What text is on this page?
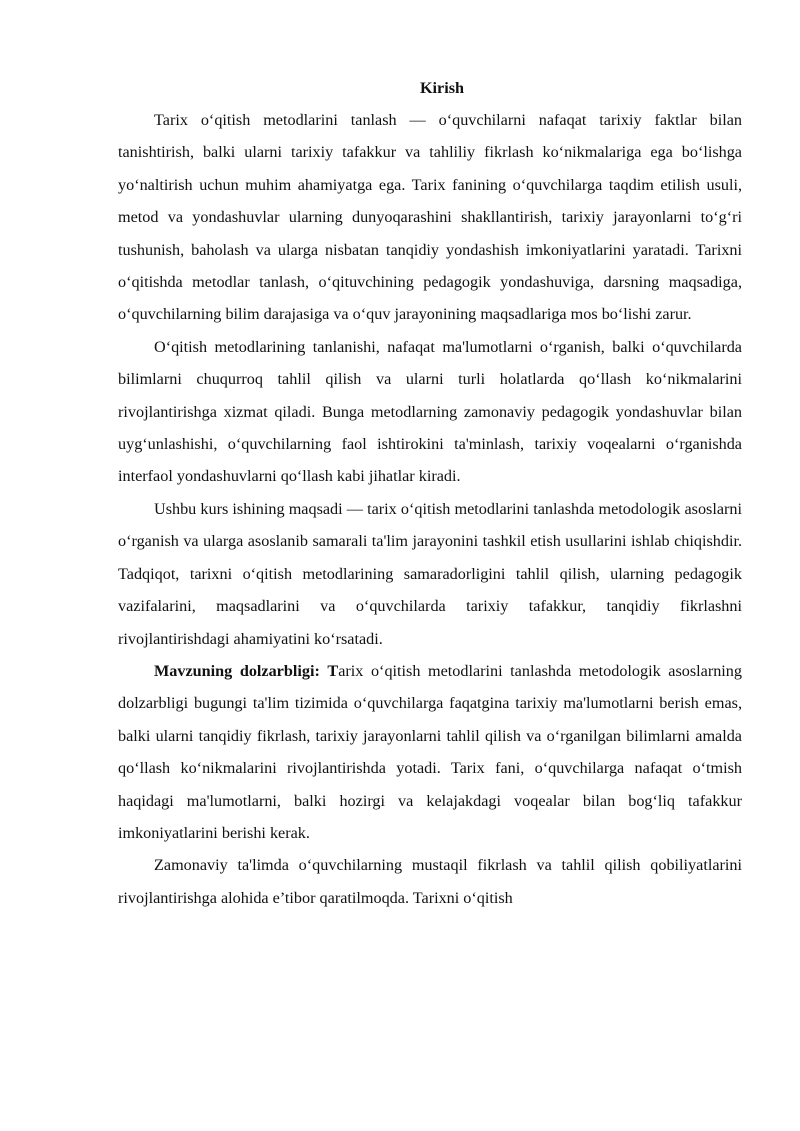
Kirish

Tarix o‘qitish metodlarini tanlash — o‘quvchilarni nafaqat tarixiy faktlar bilan tanishtirish, balki ularni tarixiy tafakkur va tahliliy fikrlash ko‘nikmalariga ega bo‘lishga yo‘naltirish uchun muhim ahamiyatga ega. Tarix fanining o‘quvchilarga taqdim etilish usuli, metod va yondashuvlar ularning dunyoqarashini shakllantirish, tarixiy jarayonlarni to‘g‘ri tushunish, baholash va ularga nisbatan tanqidiy yondashish imkoniyatlarini yaratadi. Tarixni o‘qitishda metodlar tanlash, o‘qituvchining pedagogik yondashuviga, darsning maqsadiga, o‘quvchilarning bilim darajasiga va o‘quv jarayonining maqsadlariga mos bo‘lishi zarur.

O‘qitish metodlarining tanlanishi, nafaqat ma'lumotlarni o‘rganish, balki o‘quvchilarda bilimlarni chuqurroq tahlil qilish va ularni turli holatlarda qo‘llash ko‘nikmalarini rivojlantirishga xizmat qiladi. Bunga metodlarning zamonaviy pedagogik yondashuvlar bilan uyg‘unlashishi, o‘quvchilarning faol ishtirokini ta'minlash, tarixiy voqealarni o‘rganishda interfaol yondashuvlarni qo‘llash kabi jihatlar kiradi.

Ushbu kurs ishining maqsadi — tarix o‘qitish metodlarini tanlashda metodologik asoslarni o‘rganish va ularga asoslanib samarali ta'lim jarayonini tashkil etish usullarini ishlab chiqishdir. Tadqiqot, tarixni o‘qitish metodlarining samaradorligini tahlil qilish, ularning pedagogik vazifalarini, maqsadlarini va o‘quvchilarda tarixiy tafakkur, tanqidiy fikrlashni rivojlantirishdagi ahamiyatini ko‘rsatadi.

Mavzuning dolzarbligi: Tarix o‘qitish metodlarini tanlashda metodologik asoslarning dolzarbligi bugungi ta'lim tizimida o‘quvchilarga faqatgina tarixiy ma'lumotlarni berish emas, balki ularni tanqidiy fikrlash, tarixiy jarayonlarni tahlil qilish va o‘rganilgan bilimlarni amalda qo‘llash ko‘nikmalarini rivojlantirishda yotadi. Tarix fani, o‘quvchilarga nafaqat o‘tmish haqidagi ma'lumotlarni, balki hozirgi va kelajakdagi voqealar bilan bog‘liq tafakkur imkoniyatlarini berishi kerak.

Zamonaviy ta'limda o‘quvchilarning mustaqil fikrlash va tahlil qilish qobiliyatlarini rivojlantirishga alohida e’tibor qaratilmoqda. Tarixni o‘qitish
